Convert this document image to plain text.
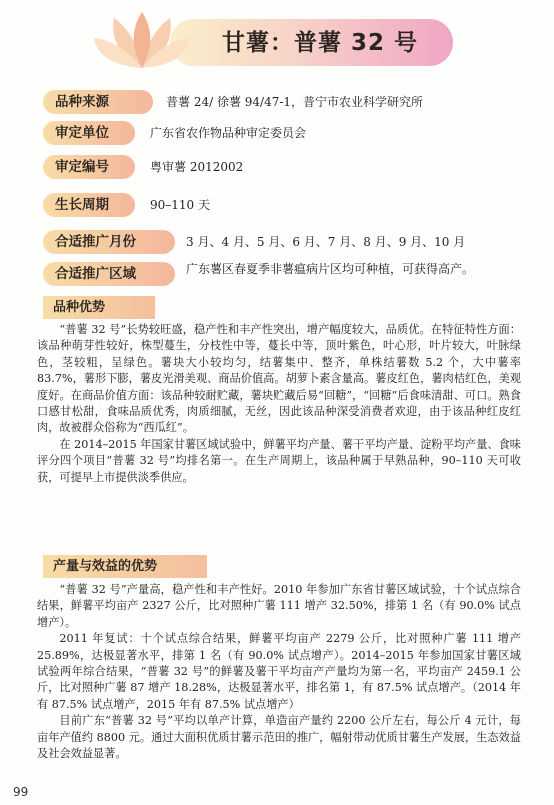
甘薯：普薯 32 号
品种来源	普薯 24/ 徐薯 94/47-1，普宁市农业科学研究所
审定单位	广东省农作物品种审定委员会
审定编号	粤审薯 2012002
生长周期	90–110 天
合适推广月份	3 月、4 月、5 月、6 月、7 月、8 月、9 月、10 月
合适推广区域	广东薯区春夏季非薯瘟病片区均可种植，可获得高产。
品种优势

“普薯 32 号”长势较旺盛，稳产性和丰产性突出，增产幅度较大，品质优。在特征特性方面：该品种萌芽性较好，株型蔓生，分枝性中等，蔓长中等，顶叶紫色，叶心形，叶片较大，叶脉绿色，茎较粗，呈绿色。薯块大小较均匀，结薯集中、整齐，单株结薯数 5.2 个，大中薯率 83.7%，薯形下膨，薯皮光滑美观、商品价值高。胡萝卜素含量高。薯皮红色，薯肉桔红色，美观度好。在商品价值方面：该品种较耐贮藏，薯块贮藏后易“回糖”，“回糖”后食味清甜、可口。熟食口感甘松甜，食味品质优秀，肉质细腻，无丝，因此该品种深受消费者欢迎，由于该品种红皮红肉，故被群众俗称为“西瓜红”。

在 2014–2015 年国家甘薯区域试验中，鲜薯平均产量、薯干平均产量、淀粉平均产量、食味评分四个项目“普薯 32 号”均排名第一。在生产周期上，该品种属于早熟品种，90–110 天可收获，可提早上市提供淡季供应。

产量与效益的优势

“普薯 32 号”产量高，稳产性和丰产性好。2010 年参加广东省甘薯区域试验，十个试点综合结果，鲜薯平均亩产 2327 公斤，比对照种广薯 111 增产 32.50%，排第 1 名（有 90.0% 试点增产）。

2011 年复试：十个试点综合结果，鲜薯平均亩产 2279 公斤，比对照种广薯 111 增产 25.89%，达极显著水平，排第 1 名（有 90.0% 试点增产）。2014–2015 年参加国家甘薯区域试验两年综合结果，“普薯 32 号”的鲜薯及薯干平均亩产产量均为第一名，平均亩产 2459.1 公斤，比对照种广薯 87 增产 18.28%，达极显著水平，排名第 1，有 87.5% 试点增产。（2014 年有 87.5% 试点增产，2015 年有 87.5% 试点增产）

目前广东“普薯 32 号”平均以单产计算，单造亩产量约 2200 公斤左右，每公斤 4 元计，每亩年产值约 8800 元。通过大面积优质甘薯示范田的推广，幅射带动优质甘薯生产发展，生态效益及社会效益显著。

99
